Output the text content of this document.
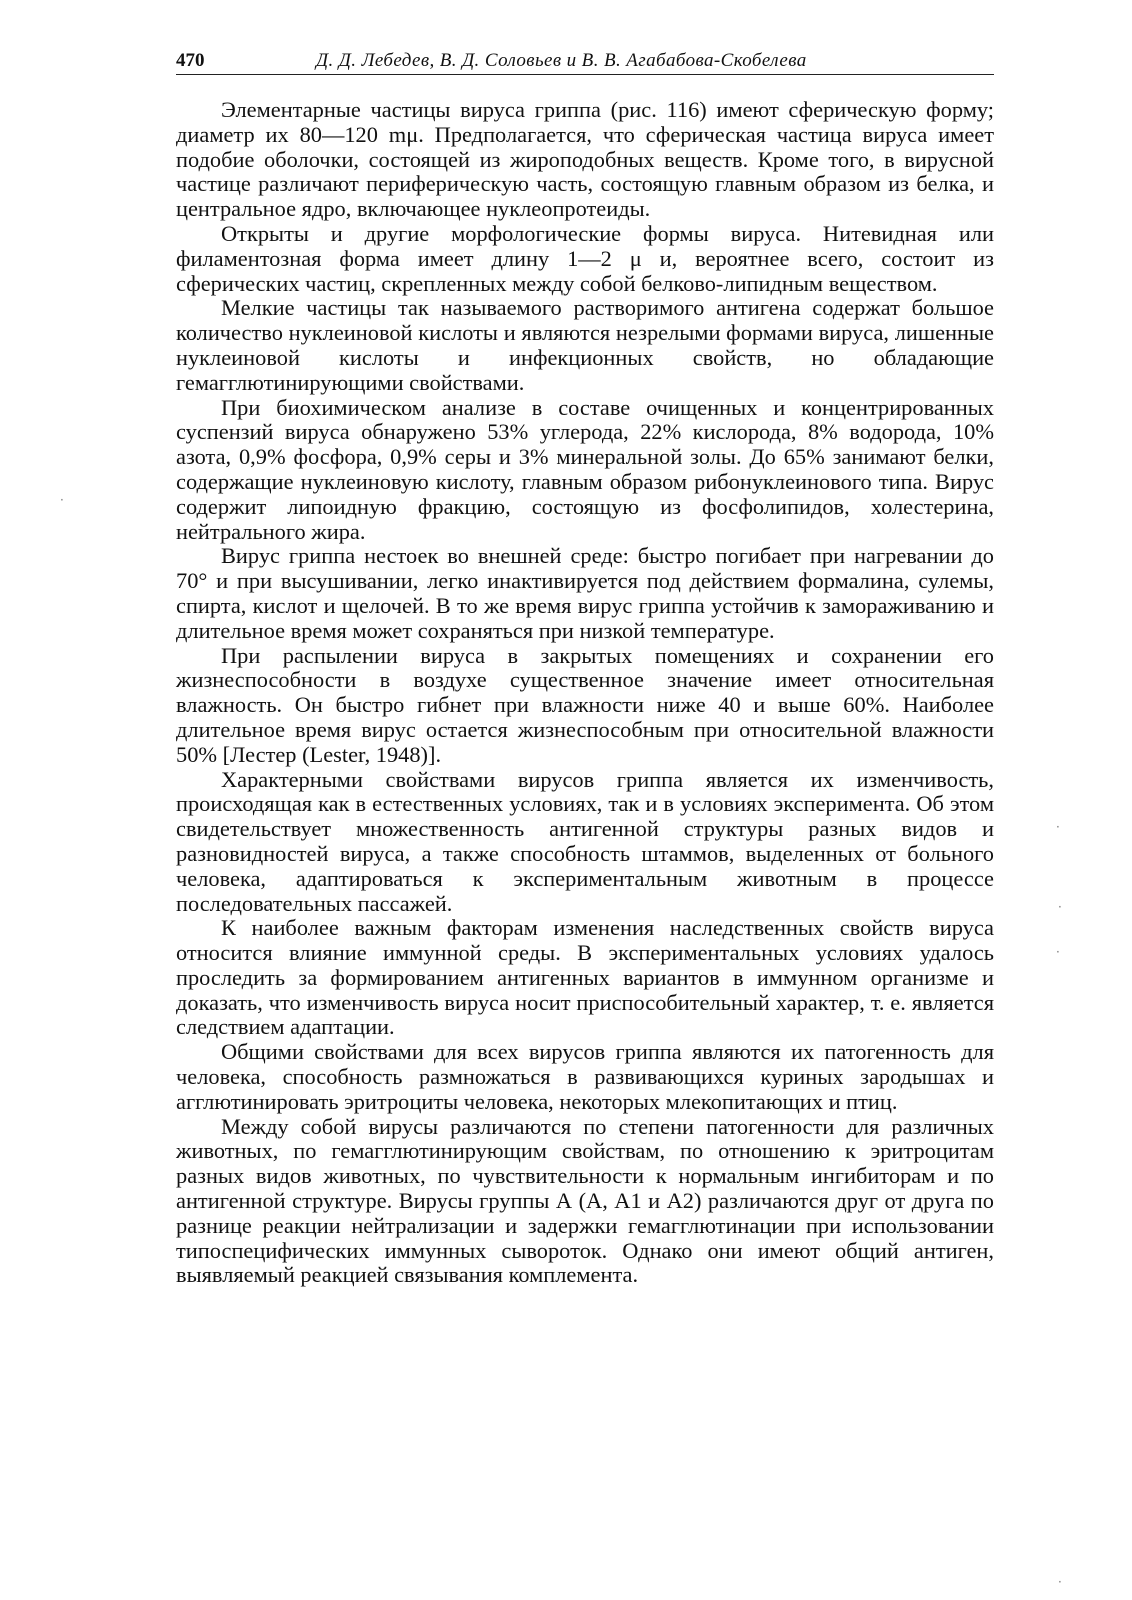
470	Д. Д. Лебедев, В. Д. Соловьев и В. В. Агабабова-Скобелева

Элементарные частицы вируса гриппа (рис. 116) имеют сферическую форму; диаметр их 80—120 mμ. Предполагается, что сферическая частица вируса имеет подобие оболочки, состоящей из жироподобных веществ. Кроме того, в вирусной частице различают периферическую часть, состоящую главным образом из белка, и центральное ядро, включающее нуклеопротеиды.

Открыты и другие морфологические формы вируса. Нитевидная или филаментозная форма имеет длину 1—2 μ и, вероятнее всего, состоит из сферических частиц, скрепленных между собой белково-липидным веществом.

Мелкие частицы так называемого растворимого антигена содержат большое количество нуклеиновой кислоты и являются незрелыми формами вируса, лишенные нуклеиновой кислоты и инфекционных свойств, но обладающие гемагглютинирующими свойствами.

При биохимическом анализе в составе очищенных и концентрированных суспензий вируса обнаружено 53% углерода, 22% кислорода, 8% водорода, 10% азота, 0,9% фосфора, 0,9% серы и 3% минеральной золы. До 65% занимают белки, содержащие нуклеиновую кислоту, главным образом рибонуклеинового типа. Вирус содержит липоидную фракцию, состоящую из фосфолипидов, холестерина, нейтрального жира.

Вирус гриппа нестоек во внешней среде: быстро погибает при нагревании до 70° и при высушивании, легко инактивируется под действием формалина, сулемы, спирта, кислот и щелочей. В то же время вирус гриппа устойчив к замораживанию и длительное время может сохраняться при низкой температуре.

При распылении вируса в закрытых помещениях и сохранении его жизнеспособности в воздухе существенное значение имеет относительная влажность. Он быстро гибнет при влажности ниже 40 и выше 60%. Наиболее длительное время вирус остается жизнеспособным при относительной влажности 50% [Лестер (Lester, 1948)].

Характерными свойствами вирусов гриппа является их изменчивость, происходящая как в естественных условиях, так и в условиях эксперимента. Об этом свидетельствует множественность антигенной структуры разных видов и разновидностей вируса, а также способность штаммов, выделенных от больного человека, адаптироваться к экспериментальным животным в процессе последовательных пассажей.

К наиболее важным факторам изменения наследственных свойств вируса относится влияние иммунной среды. В экспериментальных условиях удалось проследить за формированием антигенных вариантов в иммунном организме и доказать, что изменчивость вируса носит приспособительный характер, т. е. является следствием адаптации.

Общими свойствами для всех вирусов гриппа являются их патогенность для человека, способность размножаться в развивающихся куриных зародышах и агглютинировать эритроциты человека, некоторых млекопитающих и птиц.

Между собой вирусы различаются по степени патогенности для различных животных, по гемагглютинирующим свойствам, по отношению к эритроцитам разных видов животных, по чувствительности к нормальным ингибиторам и по антигенной структуре. Вирусы группы А (А, А1 и А2) различаются друг от друга по разнице реакции нейтрализации и задержки гемагглютинации при использовании типоспецифических иммунных сывороток. Однако они имеют общий антиген, выявляемый реакцией связывания комплемента.

·
·
·
·
·
